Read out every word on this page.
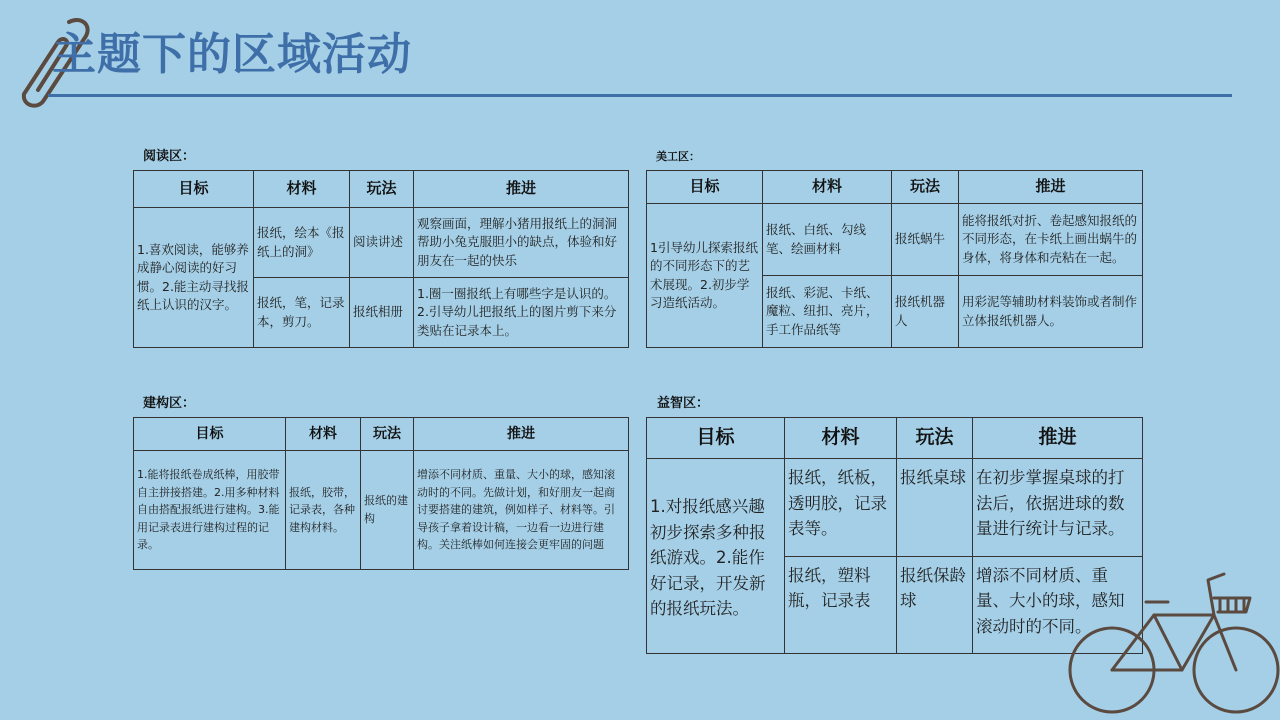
主题下的区域活动
阅读区：
目标	材料	玩法	推进
1.喜欢阅读，能够养成静心阅读的好习惯。2.能主动寻找报纸上认识的汉字。	报纸，绘本《报纸上的洞》	阅读讲述	观察画面，理解小猪用报纸上的洞洞帮助小兔克服胆小的缺点，体验和好朋友在一起的快乐
	报纸，笔，记录本，剪刀。	报纸相册	1.圈一圈报纸上有哪些字是认识的。2.引导幼儿把报纸上的图片剪下来分类贴在记录本上。
美工区：
目标	材料	玩法	推进
1引导幼儿探索报纸的不同形态下的艺术展现。2.初步学习造纸活动。	报纸、白纸、勾线笔、绘画材料	报纸蜗牛	能将报纸对折、卷起感知报纸的不同形态，在卡纸上画出蜗牛的身体，将身体和壳粘在一起。
	报纸、彩泥、卡纸、魔粒、纽扣、亮片，手工作品纸等	报纸机器人	用彩泥等辅助材料装饰或者制作立体报纸机器人。
建构区：
目标	材料	玩法	推进
1.能将报纸卷成纸棒，用胶带自主拼接搭建。2.用多种材料自由搭配报纸进行建构。3.能用记录表进行建构过程的记录。	报纸，胶带，记录表，各种建构材料。	报纸的建构	增添不同材质、重量、大小的球，感知滚动时的不同。先做计划，和好朋友一起商讨要搭建的建筑，例如样子、材料等。引导孩子拿着设计稿，一边看一边进行建构。关注纸棒如何连接会更牢固的问题
益智区：
目标	材料	玩法	推进
1.对报纸感兴趣初步探索多种报纸游戏。2.能作好记录，开发新的报纸玩法。	报纸，纸板，透明胶，记录表等。	报纸桌球	在初步掌握桌球的打法后，依据进球的数量进行统计与记录。
	报纸，塑料瓶，记录表	报纸保龄球	增添不同材质、重量、大小的球，感知滚动时的不同。
